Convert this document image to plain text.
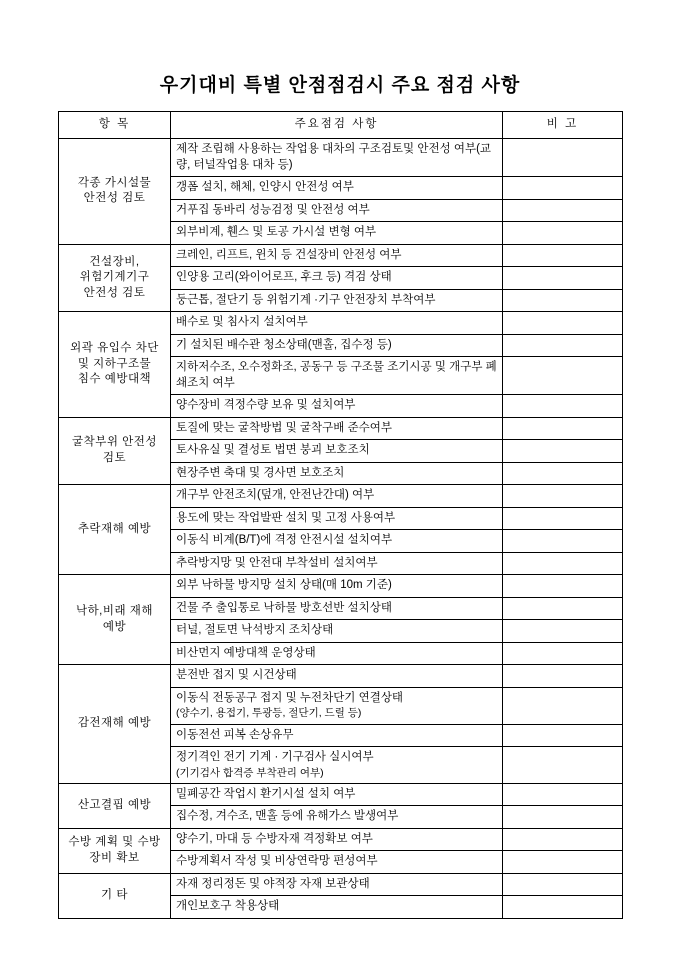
우기대비 특별 안점점검시 주요 점검 사항
항 목	주요점검 사항	비 고
각종 가시설물
안전성 검토	제작 조립해 사용하는 작업용 대차의 구조검토및 안전성 여부(교량, 터널작업용 대차 등)	
	갱폼 설치, 해체, 인양시 안전성 여부	
	거푸집 동바리 성능검정 및 안전성 여부	
	외부비계, 휀스 및 토공 가시설 변형 여부	
건설장비,
위험기계기구
안전성 검토	크레인, 리프트, 윈치 등 건설장비 안전성 여부	
	인양용 고리(와이어로프, 후크 등) 격검 상태	
	둥근톱, 절단기 등 위험기계 ·기구 안전장치 부착여부	
외곽 유입수 차단
및 지하구조물
침수 예방대책	배수로 및 침사지 설치여부	
	기 설치된 배수관 청소상태(맨홀, 집수정 등)	
	지하저수조, 오수정화조, 공동구 등 구조물 조기시공 및 개구부 폐쇄조치 여부	
	양수장비 격정수량 보유 및 설치여부	
굴착부위 안전성
검토	토질에 맞는 굴착방법 및 굴착구배 준수여부	
	토사유실 및 결성토 법면 붕괴 보호조치	
	현장주변 축대 및 경사면 보호조치	
추락재해 예방	개구부 안전조치(덮개, 안전난간대) 여부	
	용도에 맞는 작업발판 설치 및 고정 사용여부	
	이동식 비계(B/T)에 격정 안전시설 설치여부	
	추락방지망 및 안전대 부착설비 설치여부	
낙하,비래 재해
예방	외부 낙하물 방지망 설치 상태(매 10m 기준)	
	건물 주 출입통로 낙하물 방호선반 설치상태	
	터널, 절토면 낙석방지 조치상태	
	비산먼지 예방대책 운영상태	
감전재해 예방	분전반 접지 및 시건상태	
	이동식 전동공구 접지 및 누전차단기 연결상태
(양수기, 용접기, 투광등, 절단기, 드릴 등)	

	이동전선 피복 손상유무	
	정기격인 전기 기계 · 기구검사 실시여부
(기기검사 합격증 부착관리 여부)	

산고결핍 예방	밀폐공간 작업시 환기시설 설치 여부	
	집수정, 겨수조, 맨홀 등에 유해가스 발생여부	
수방 계획 및 수방
장비 확보	양수기, 마대 등 수방자재 격정확보 여부	
	수방계획서 작성 및 비상연락망 편성여부	
기 타	자재 정리정돈 및 야적장 자재 보관상태	
	개인보호구 착용상태	
